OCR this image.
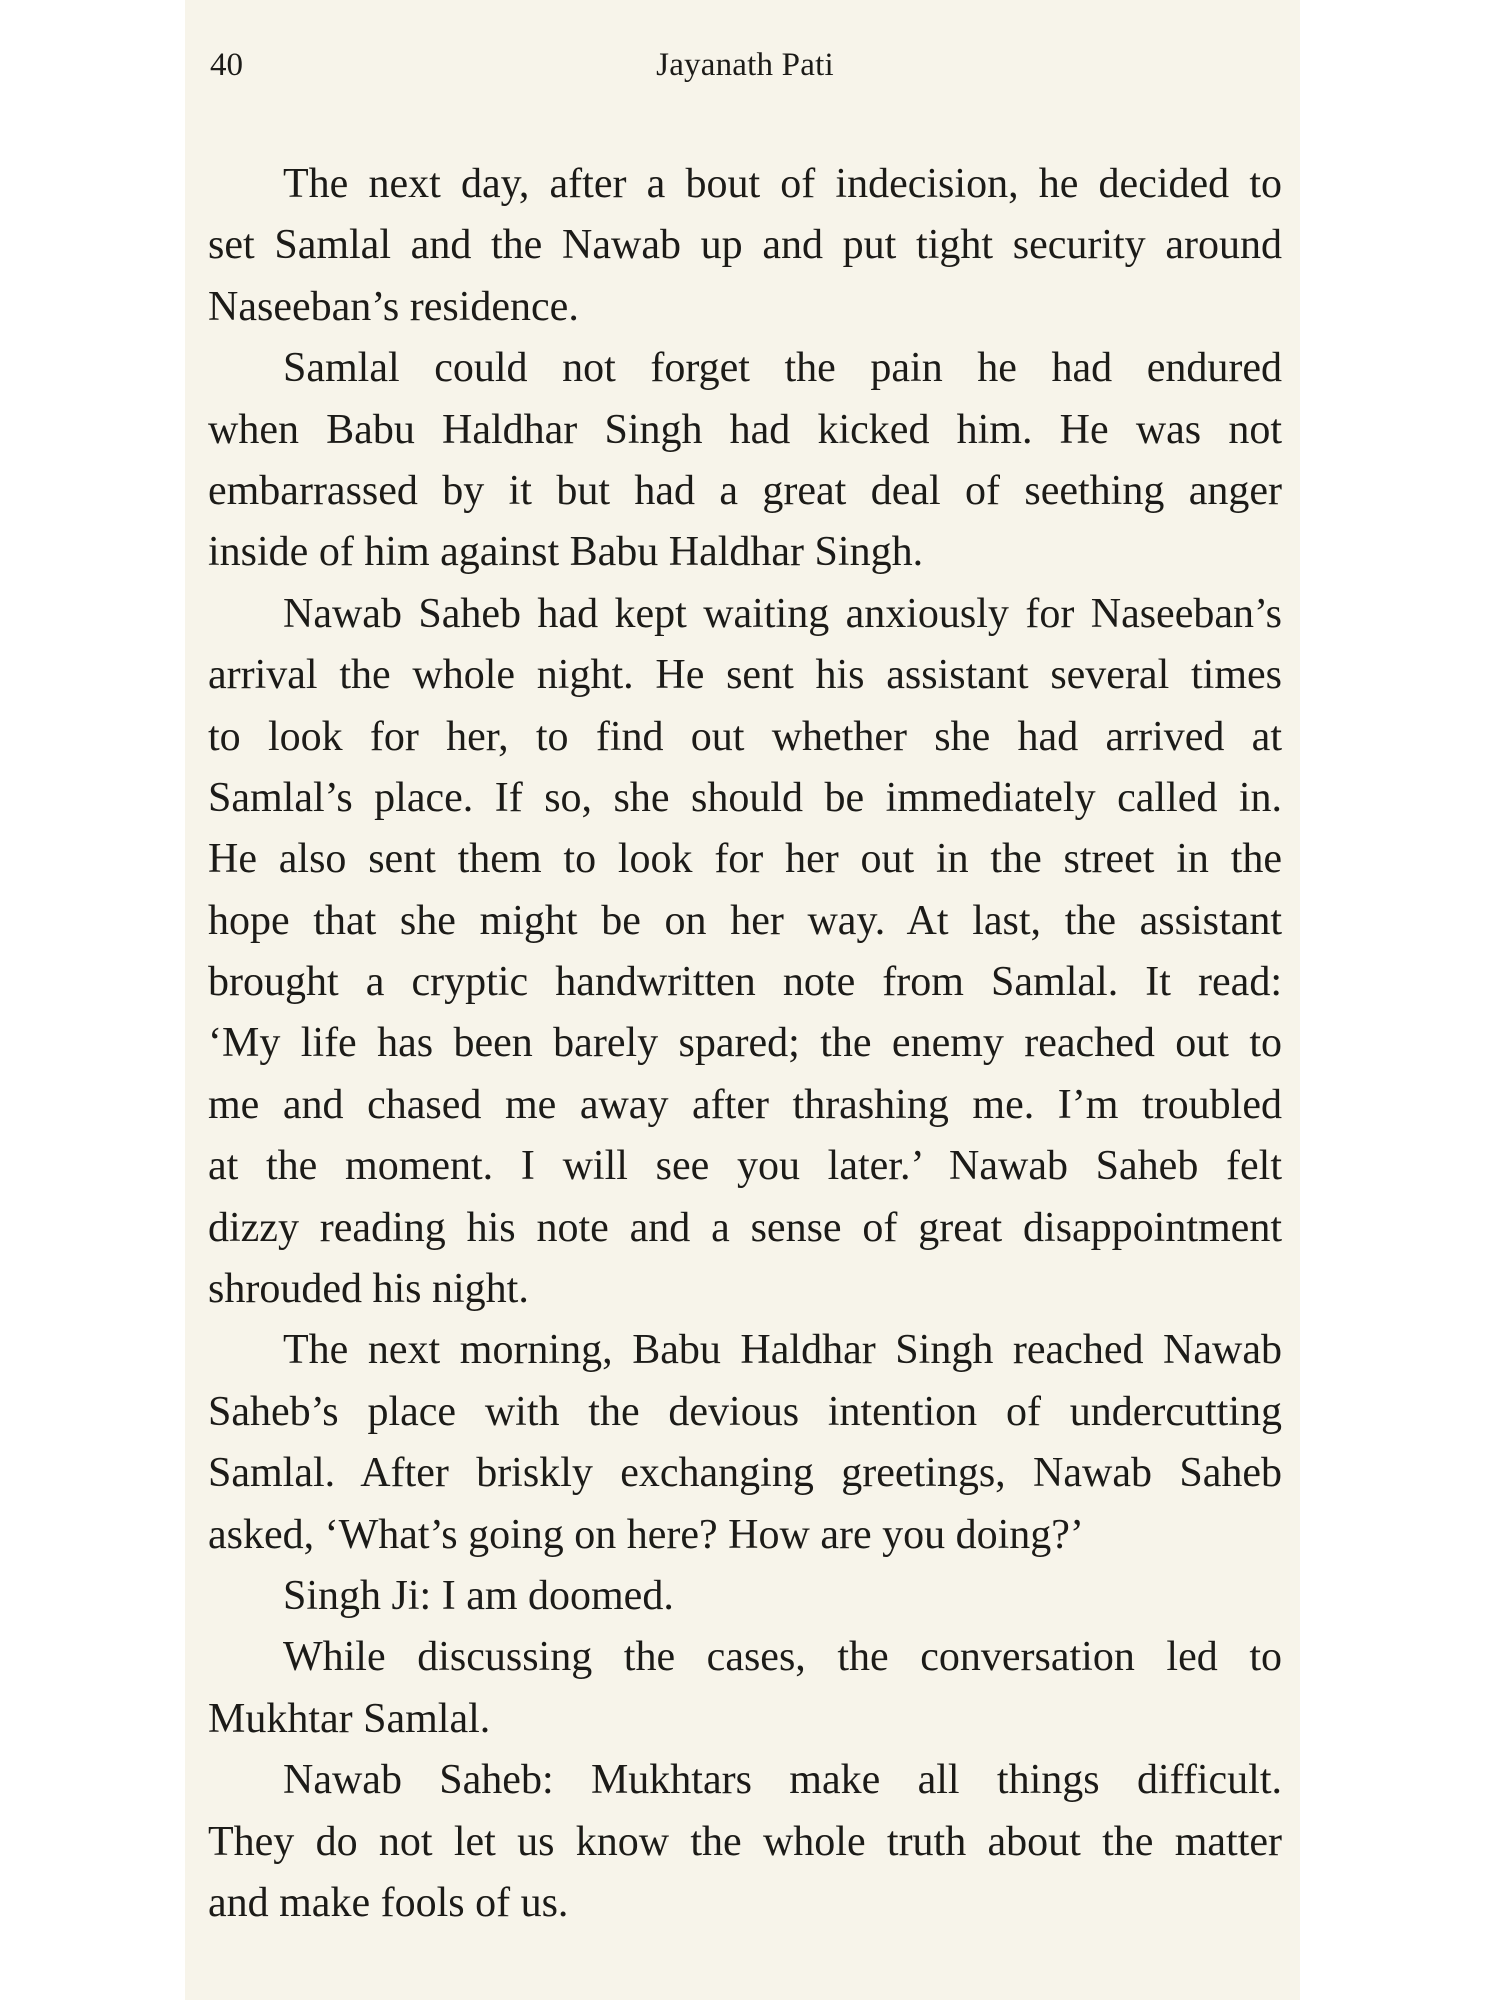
40	Jayanath Pati
The next day, after a bout of indecision, he decided to
set Samlal and the Nawab up and put tight security around
Naseeban’s residence.
Samlal could not forget the pain he had endured
when Babu Haldhar Singh had kicked him. He was not
embarrassed by it but had a great deal of seething anger
inside of him against Babu Haldhar Singh.
Nawab Saheb had kept waiting anxiously for Naseeban’s
arrival the whole night. He sent his assistant several times
to look for her, to find out whether she had arrived at
Samlal’s place. If so, she should be immediately called in.
He also sent them to look for her out in the street in the
hope that she might be on her way. At last, the assistant
brought a cryptic handwritten note from Samlal. It read:
‘My life has been barely spared; the enemy reached out to
me and chased me away after thrashing me. I’m troubled
at the moment. I will see you later.’ Nawab Saheb felt
dizzy reading his note and a sense of great disappointment
shrouded his night.
The next morning, Babu Haldhar Singh reached Nawab
Saheb’s place with the devious intention of undercutting
Samlal. After briskly exchanging greetings, Nawab Saheb
asked, ‘What’s going on here? How are you doing?’
Singh Ji: I am doomed.
While discussing the cases, the conversation led to
Mukhtar Samlal.
Nawab Saheb: Mukhtars make all things difficult.
They do not let us know the whole truth about the matter
and make fools of us.
